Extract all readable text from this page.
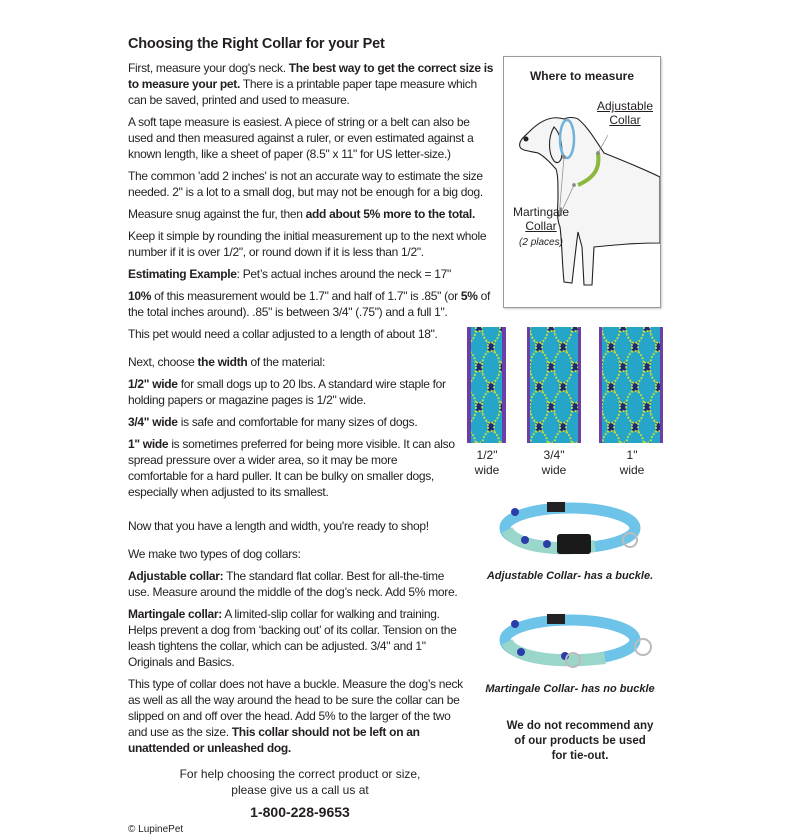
Choosing the Right Collar for your Pet

First, measure your dog's neck. The best way to get the correct size is to measure your pet. There is a printable paper tape measure which can be saved, printed and used to measure.

A soft tape measure is easiest. A piece of string or a belt can also be used and then measured against a ruler, or even estimated against a known length, like a sheet of paper (8.5" x 11" for US letter-size.)

The common 'add 2 inches' is not an accurate way to estimate the size needed. 2" is a lot to a small dog, but may not be enough for a big dog.

Measure snug against the fur, then add about 5% more to the total.

Keep it simple by rounding the initial measurement up to the next whole number if it is over 1/2", or round down if it is less than 1/2".

Estimating Example: Pet’s actual inches around the neck = 17"

10% of this measurement would be 1.7" and half of 1.7" is .85" (or 5% of the total inches around). .85" is between 3/4" (.75") and a full 1".

This pet would need a collar adjusted to a length of about 18".

Next, choose the width of the material:

1/2" wide for small dogs up to 20 lbs. A standard wire staple for holding papers or magazine pages is 1/2" wide.

3/4" wide is safe and comfortable for many sizes of dogs.

1" wide is sometimes preferred for being more visible. It can also spread pressure over a wider area, so it may be more comfortable for a hard puller. It can be bulky on smaller dogs, especially when adjusted to its smallest.

Now that you have a length and width, you're ready to shop!

We make two types of dog collars:

Adjustable collar: The standard flat collar. Best for all-the-time use. Measure around the middle of the dog’s neck. Add 5% more.

Martingale collar: A limited-slip collar for walking and training. Helps prevent a dog from ‘backing out’ of its collar. Tension on the leash tightens the collar, which can be adjusted. 3/4" and 1" Originals and Basics.

This type of collar does not have a buckle. Measure the dog’s neck as well as all the way around the head to be sure the collar can be slipped on and off over the head. Add 5% to the larger of the two and use as the size. This collar should not be left on an unattended or unleashed dog.

For help choosing the correct product or size,
please give us a call us at
1-800-228-9653
© LupinePet
Where to measure
Adjustable
Collar
Martingale
Collar
(2 places)
1/2"
wide
3/4"
wide
1"
wide
Adjustable Collar- has a buckle.
Martingale Collar- has no buckle
We do not recommend any
of our products be used
for tie-out.
